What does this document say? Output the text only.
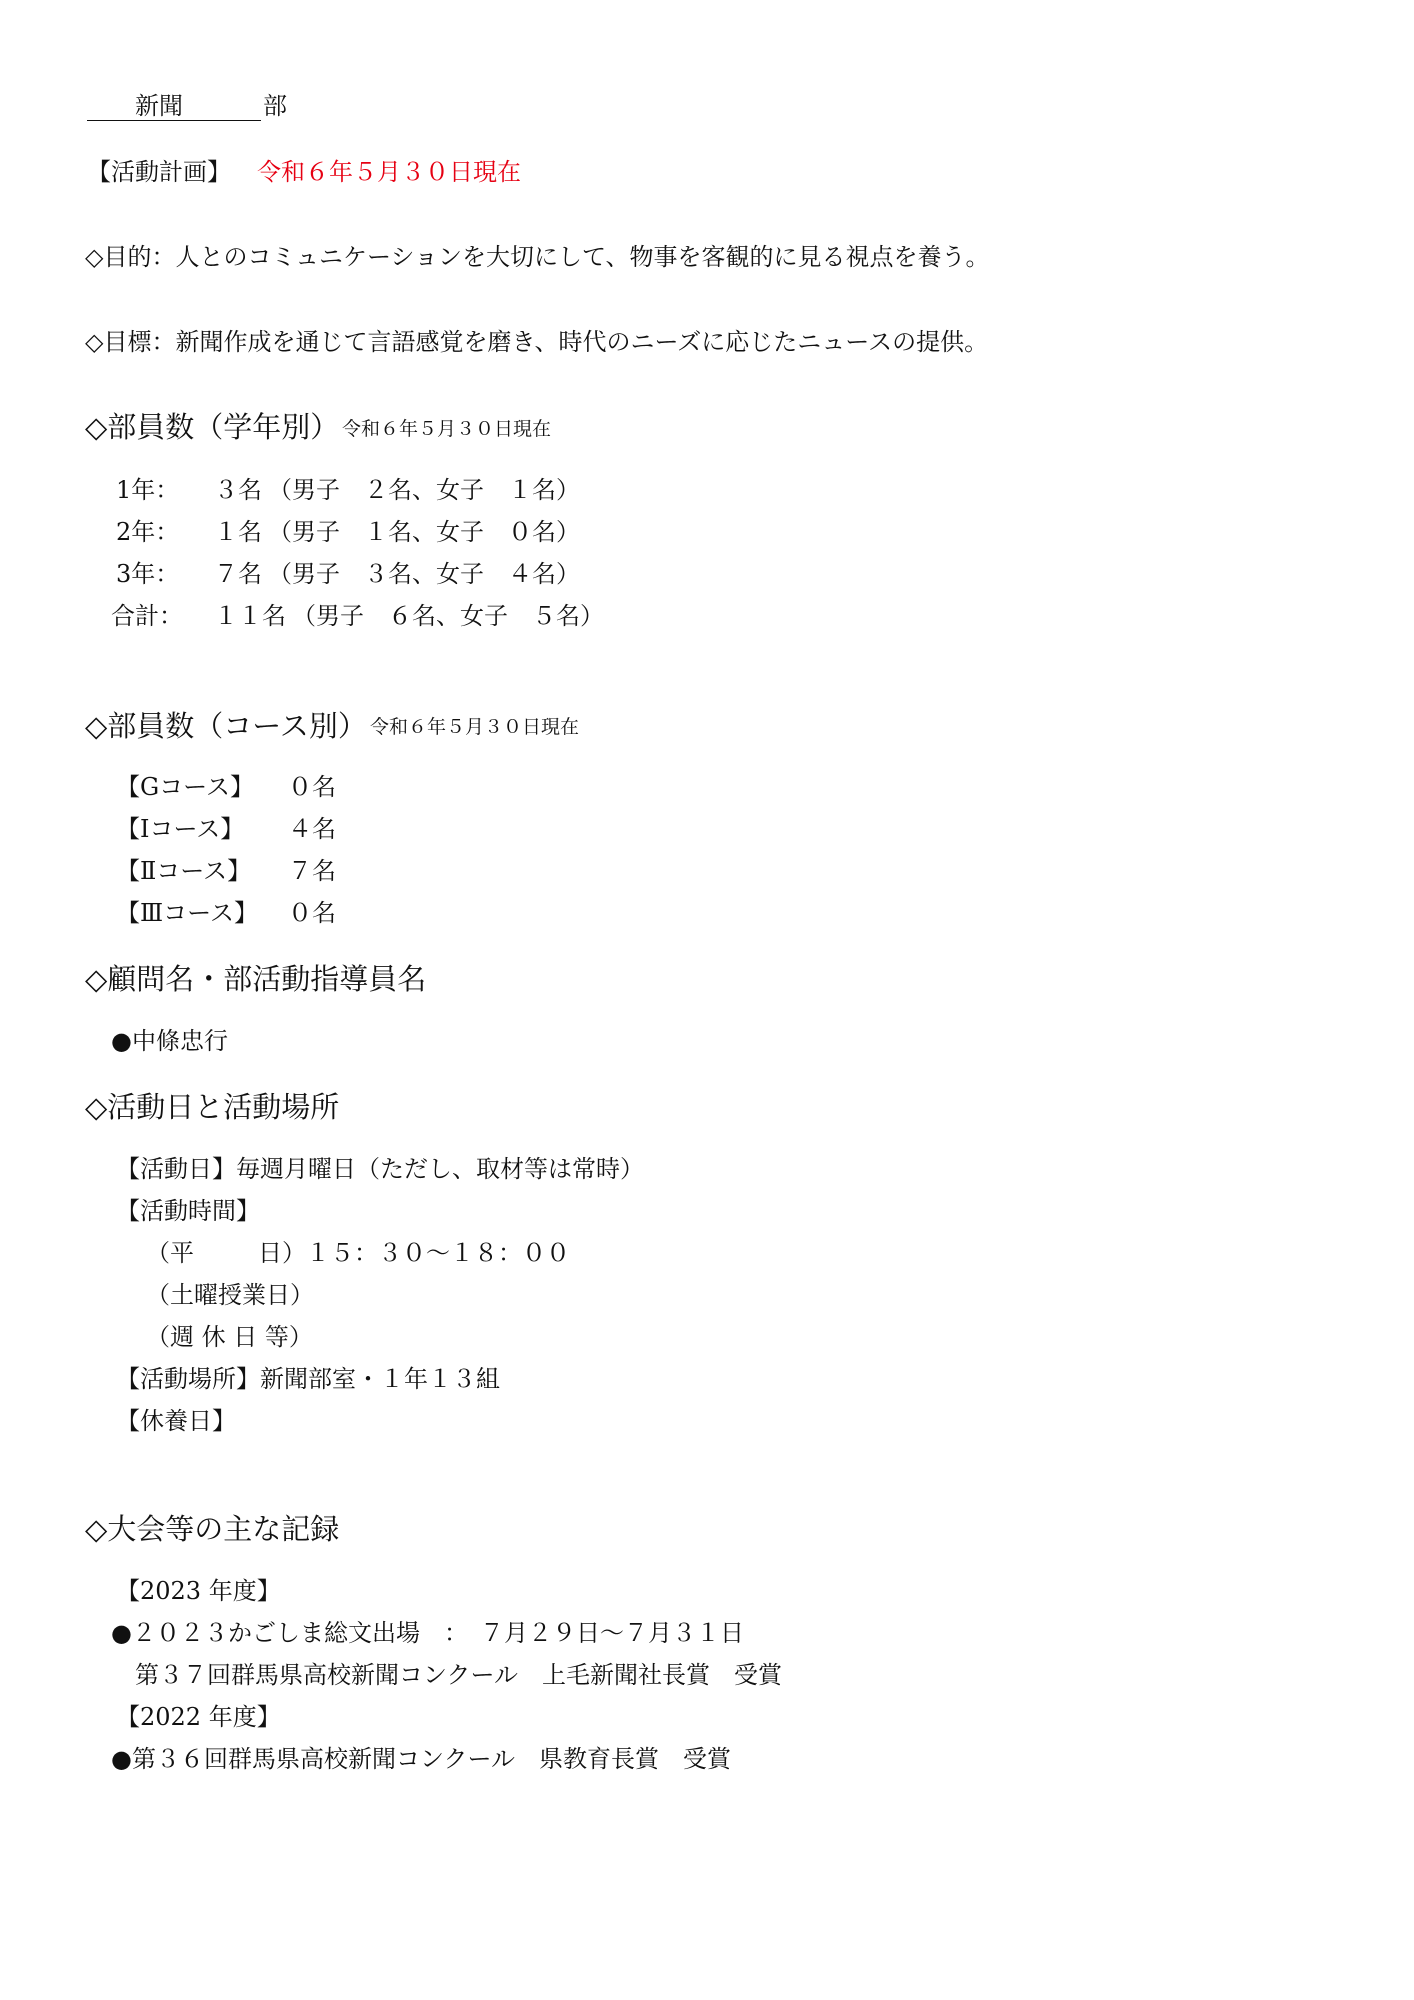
新聞	部
【活動計画】 令和６年５月３０日現在
◇目的：人とのコミュニケーションを大切にして、物事を客観的に見る視点を養う。
◇目標：新聞作成を通じて言語感覚を磨き、時代のニーズに応じたニュースの提供。
◇部員数（学年別） 令和６年５月３０日現在
1年： ３名 （男子　２名、女子　１名）
2年： １名 （男子　１名、女子　０名）
3年： ７名 （男子　３名、女子　４名）
合計： １１名 （男子　６名、女子　５名）
◇部員数（コース別） 令和６年５月３０日現在
【Gコース】 ０名
【Ⅰコース】 ４名
【Ⅱコース】 ７名
【Ⅲコース】 ０名
◇顧問名・部活動指導員名
●中條忠行
◇活動日と活動場所
【活動日】毎週月曜日（ただし、取材等は常時）
【活動時間】
（平	日）１５：３０～１８：００
（土曜授業日）
（週 休 日 等）
【活動場所】新聞部室・１年１３組
【休養日】
◇大会等の主な記録
【2023 年度】
●２０２３かごしま総文出場　：　７月２９日～７月３１日
第３７回群馬県高校新聞コンクール　上毛新聞社長賞　受賞
【2022 年度】
●第３６回群馬県高校新聞コンクール　県教育長賞　受賞
